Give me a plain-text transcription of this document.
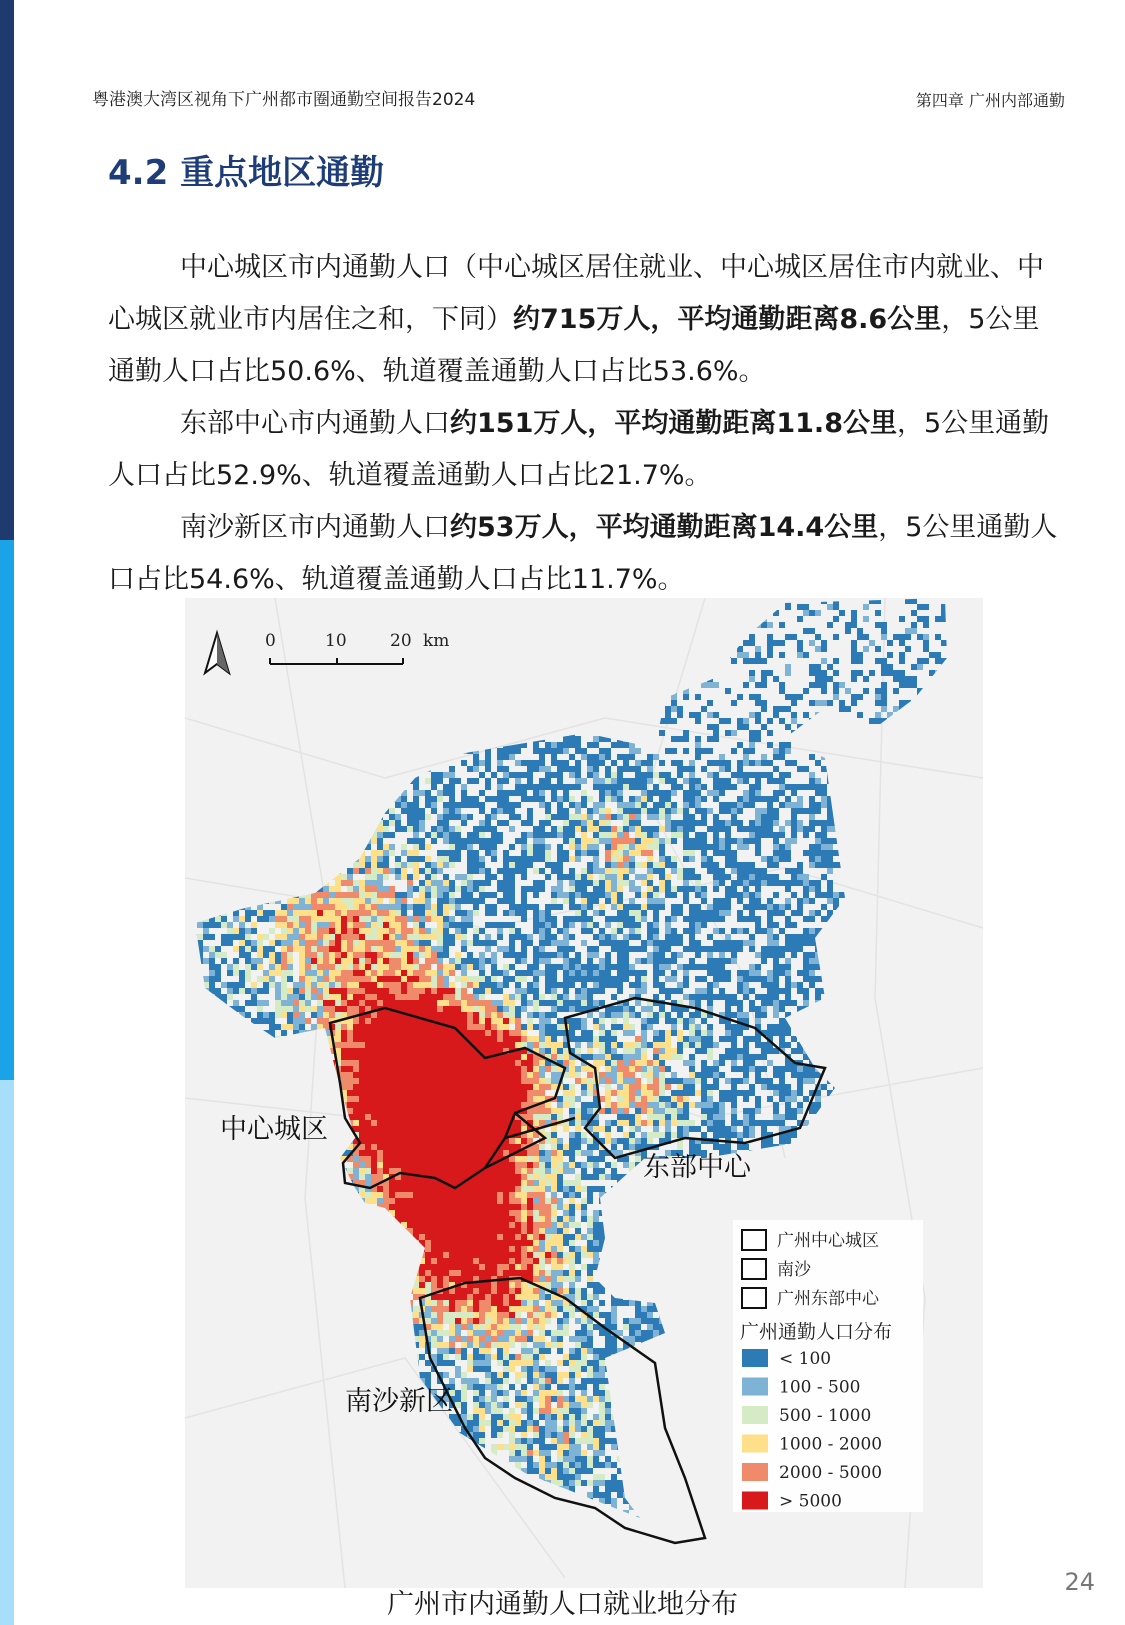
粤港澳大湾区视角下广州都市圈通勤空间报告2024	第四章 广州内部通勤
4.2 重点地区通勤

中心城区市内通勤人口（中心城区居住就业、中心城区居住市内就业、中心城区就业市内居住之和，下同）约715万人，平均通勤距离8.6公里，5公里通勤人口占比50.6%、轨道覆盖通勤人口占比53.6%。

东部中心市内通勤人口约151万人，平均通勤距离11.8公里，5公里通勤人口占比52.9%、轨道覆盖通勤人口占比21.7%。

南沙新区市内通勤人口约53万人，平均通勤距离14.4公里，5公里通勤人口占比54.6%、轨道覆盖通勤人口占比11.7%。

0	10	20 km
中心城区
东部中心
南沙新区
广州中心城区
南沙
广州东部中心
广州通勤人口分布
< 100
100 - 500
500 - 1000
1000 - 2000
2000 - 5000
> 5000
广州市内通勤人口就业地分布
24
